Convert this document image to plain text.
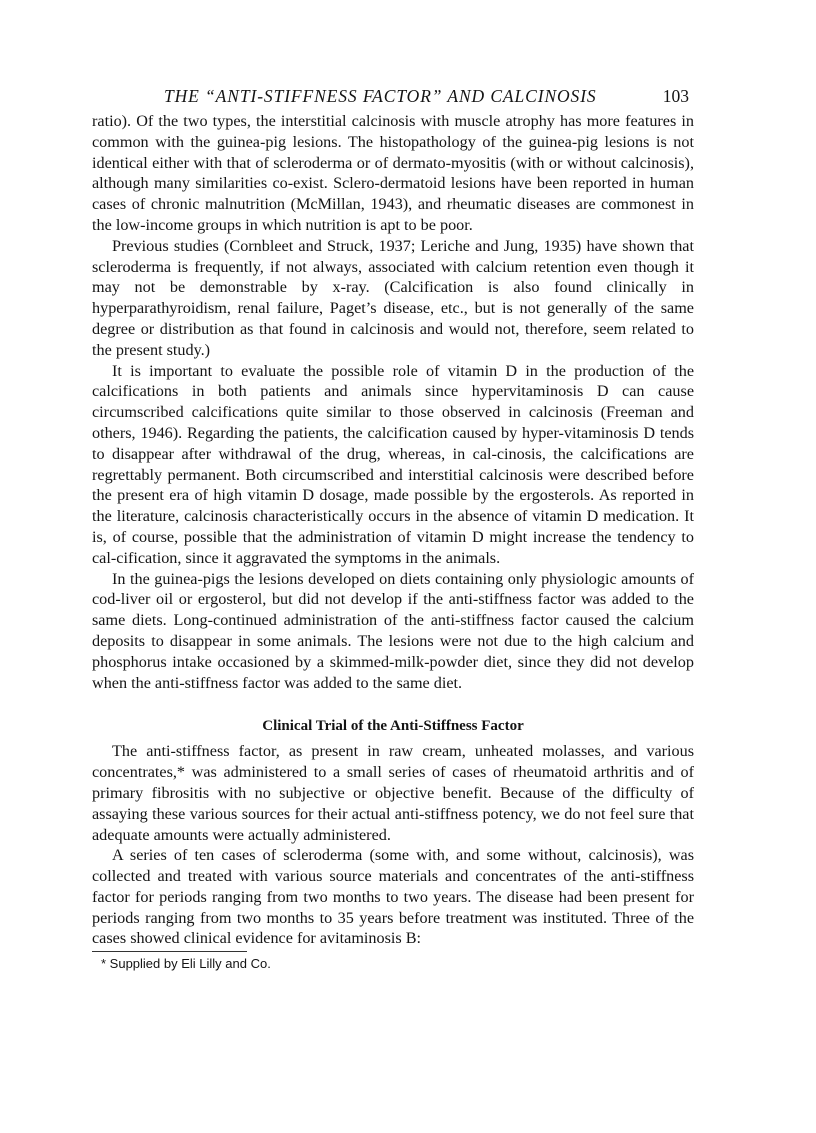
THE “ANTI-STIFFNESS FACTOR” AND CALCINOSIS	103

ratio). Of the two types, the interstitial calcinosis with muscle atrophy has more features in common with the guinea-pig lesions. The histopathology of the guinea-pig lesions is not identical either with that of scleroderma or of dermato-myositis (with or without calcinosis), although many similarities co-exist. Sclero-dermatoid lesions have been reported in human cases of chronic malnutrition (McMillan, 1943), and rheumatic diseases are commonest in the low-income groups in which nutrition is apt to be poor.

Previous studies (Cornbleet and Struck, 1937; Leriche and Jung, 1935) have shown that scleroderma is frequently, if not always, associated with calcium retention even though it may not be demonstrable by x-ray. (Calcification is also found clinically in hyperparathyroidism, renal failure, Paget’s disease, etc., but is not generally of the same degree or distribution as that found in calcinosis and would not, therefore, seem related to the present study.)

It is important to evaluate the possible role of vitamin D in the production of the calcifications in both patients and animals since hypervitaminosis D can cause circumscribed calcifications quite similar to those observed in calcinosis (Freeman and others, 1946). Regarding the patients, the calcification caused by hyper-vitaminosis D tends to disappear after withdrawal of the drug, whereas, in cal-cinosis, the calcifications are regrettably permanent. Both circumscribed and interstitial calcinosis were described before the present era of high vitamin D dosage, made possible by the ergosterols. As reported in the literature, calcinosis characteristically occurs in the absence of vitamin D medication. It is, of course, possible that the administration of vitamin D might increase the tendency to cal-cification, since it aggravated the symptoms in the animals.

In the guinea-pigs the lesions developed on diets containing only physiologic amounts of cod-liver oil or ergosterol, but did not develop if the anti-stiffness factor was added to the same diets. Long-continued administration of the anti-stiffness factor caused the calcium deposits to disappear in some animals. The lesions were not due to the high calcium and phosphorus intake occasioned by a skimmed-milk-powder diet, since they did not develop when the anti-stiffness factor was added to the same diet.

Clinical Trial of the Anti-Stiffness Factor

The anti-stiffness factor, as present in raw cream, unheated molasses, and various concentrates,* was administered to a small series of cases of rheumatoid arthritis and of primary fibrositis with no subjective or objective benefit. Because of the difficulty of assaying these various sources for their actual anti-stiffness potency, we do not feel sure that adequate amounts were actually administered.

A series of ten cases of scleroderma (some with, and some without, calcinosis), was collected and treated with various source materials and concentrates of the anti-stiffness factor for periods ranging from two months to two years. The disease had been present for periods ranging from two months to 35 years before treatment was instituted. Three of the cases showed clinical evidence for avitaminosis B:

* Supplied by Eli Lilly and Co.
